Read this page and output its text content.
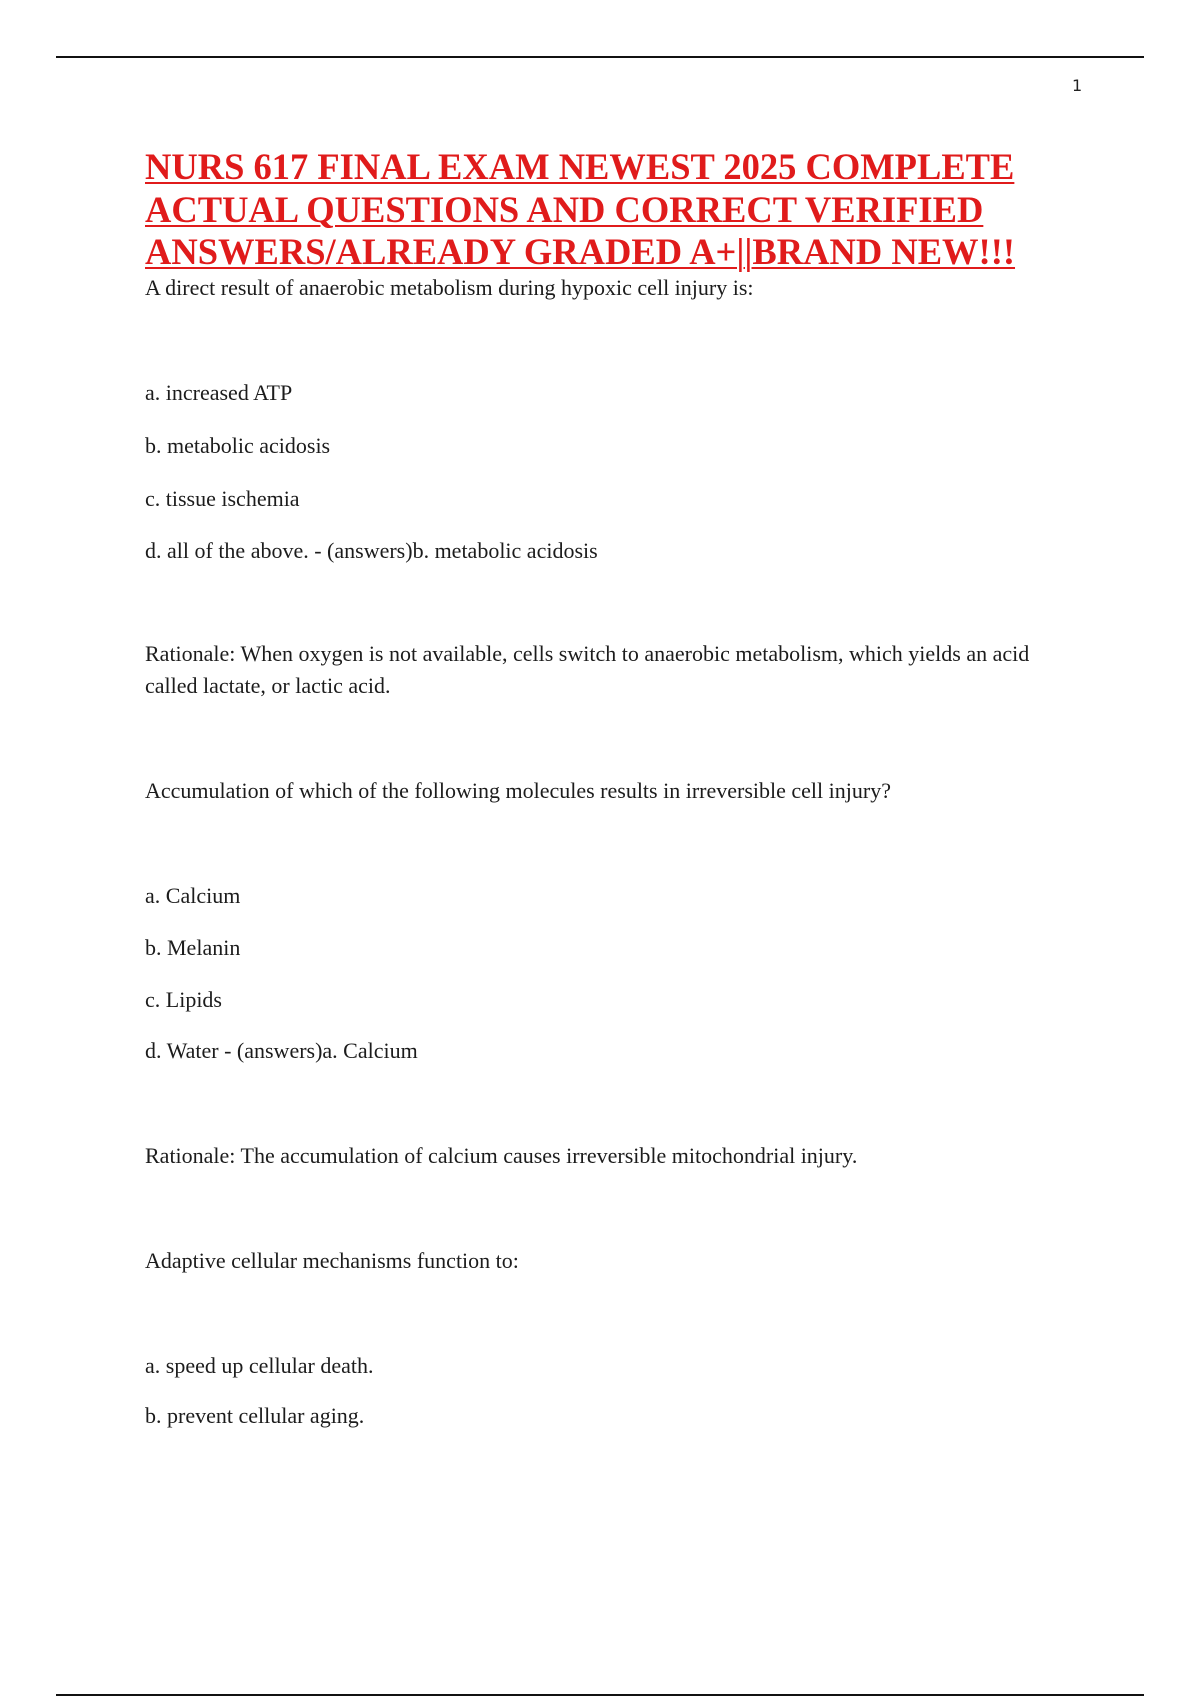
1
NURS 617 FINAL EXAM NEWEST 2025 COMPLETE
ACTUAL QUESTIONS AND CORRECT VERIFIED
ANSWERS/ALREADY GRADED A+||BRAND NEW!!!

A direct result of anaerobic metabolism during hypoxic cell injury is:

a. increased ATP

b. metabolic acidosis

c. tissue ischemia

d. all of the above. - (answers)b. metabolic acidosis

Rationale: When oxygen is not available, cells switch to anaerobic metabolism, which yields an acid called lactate, or lactic acid.

Accumulation of which of the following molecules results in irreversible cell injury?

a. Calcium

b. Melanin

c. Lipids

d. Water - (answers)a. Calcium

Rationale: The accumulation of calcium causes irreversible mitochondrial injury.

Adaptive cellular mechanisms function to:

a. speed up cellular death.

b. prevent cellular aging.
